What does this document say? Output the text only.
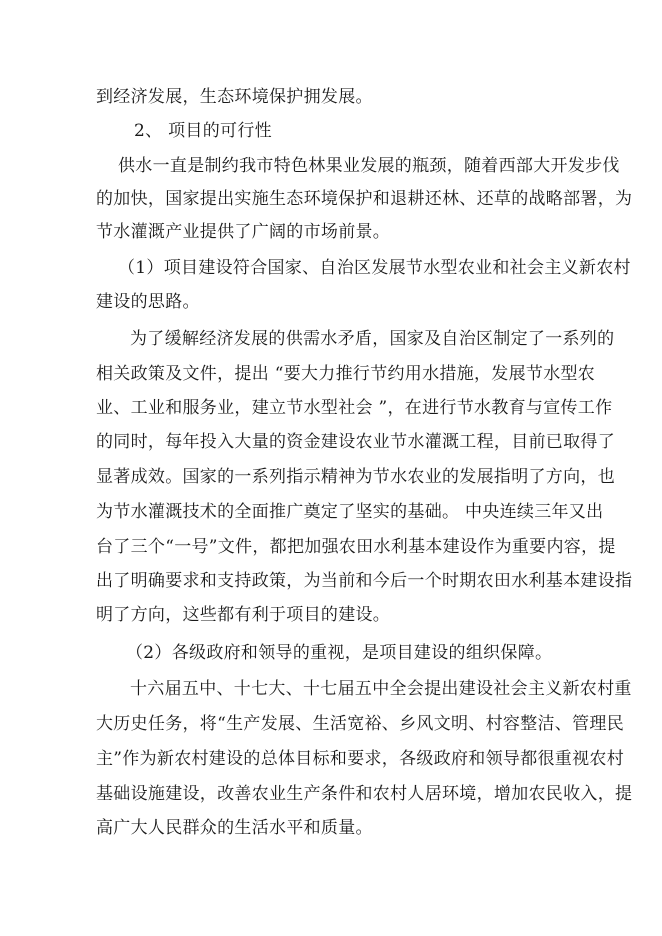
到经济发展，生态环境保护拥发展。
2、 项目的可行性
供水一直是制约我市特色林果业发展的瓶颈，随着西部大开发步伐
的加快，国家提出实施生态环境保护和退耕还林、还草的战略部署，为
节水灌溉产业提供了广阔的市场前景。
（1）项目建设符合国家、自治区发展节水型农业和社会主义新农村
建设的思路。
为了缓解经济发展的供需水矛盾，国家及自治区制定了一系列的
相关政策及文件，提出 “要大力推行节约用水措施，发展节水型农
业、工业和服务业，建立节水型社会 ”，在进行节水教育与宣传工作
的同时，每年投入大量的资金建设农业节水灌溉工程，目前已取得了
显著成效。国家的一系列指示精神为节水农业的发展指明了方向，也
为节水灌溉技术的全面推广奠定了坚实的基础。 中央连续三年又出
台了三个“一号”文件，都把加强农田水利基本建设作为重要内容，提
出了明确要求和支持政策，为当前和今后一个时期农田水利基本建设指
明了方向，这些都有利于项目的建设。
（2）各级政府和领导的重视，是项目建设的组织保障。
十六届五中、十七大、十七届五中全会提出建设社会主义新农村重
大历史任务，将“生产发展、生活宽裕、乡风文明、村容整洁、管理民
主”作为新农村建设的总体目标和要求，各级政府和领导都很重视农村
基础设施建设，改善农业生产条件和农村人居环境，增加农民收入，提
高广大人民群众的生活水平和质量。
